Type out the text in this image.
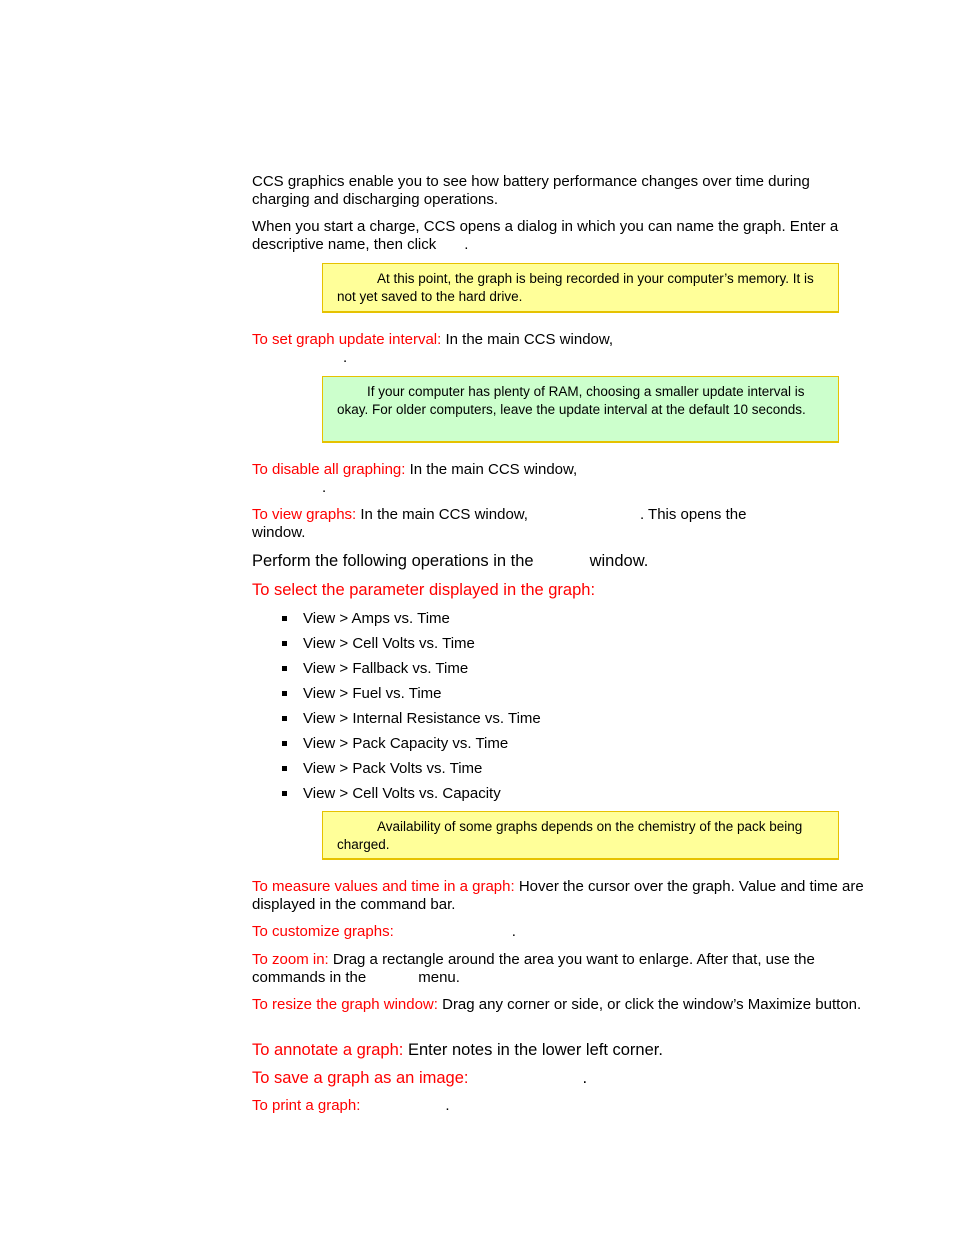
CCS graphics enable you to see how battery performance changes over time during charging and discharging operations.

When you start a charge, CCS opens a dialog in which you can name the graph. Enter a descriptive name, then click .

At this point, the graph is being recorded in your computer’s memory. It is not yet saved to the hard drive.

To set graph update interval: In the main CCS window,
.

If your computer has plenty of RAM, choosing a smaller update interval is okay. For older computers, leave the update interval at the default 10 seconds.

To disable all graphing: In the main CCS window,
.

To view graphs: In the main CCS window,	. This opens the
window.

Perform the following operations in the	window.

To select the parameter displayed in the graph:

View > Amps vs. Time
View > Cell Volts vs. Time
View > Fallback vs. Time
View > Fuel vs. Time
View > Internal Resistance vs. Time
View > Pack Capacity vs. Time
View > Pack Volts vs. Time
View > Cell Volts vs. Capacity
Availability of some graphs depends on the chemistry of the pack being charged.

To measure values and time in a graph: Hover the cursor over the graph. Value and time are displayed in the command bar.

To customize graphs:	.

To zoom in: Drag a rectangle around the area you want to enlarge. After that, use the commands in the	menu.

To resize the graph window: Drag any corner or side, or click the window’s Maximize button.

To annotate a graph: Enter notes in the lower left corner.

To save a graph as an image:	.

To print a graph:	.
